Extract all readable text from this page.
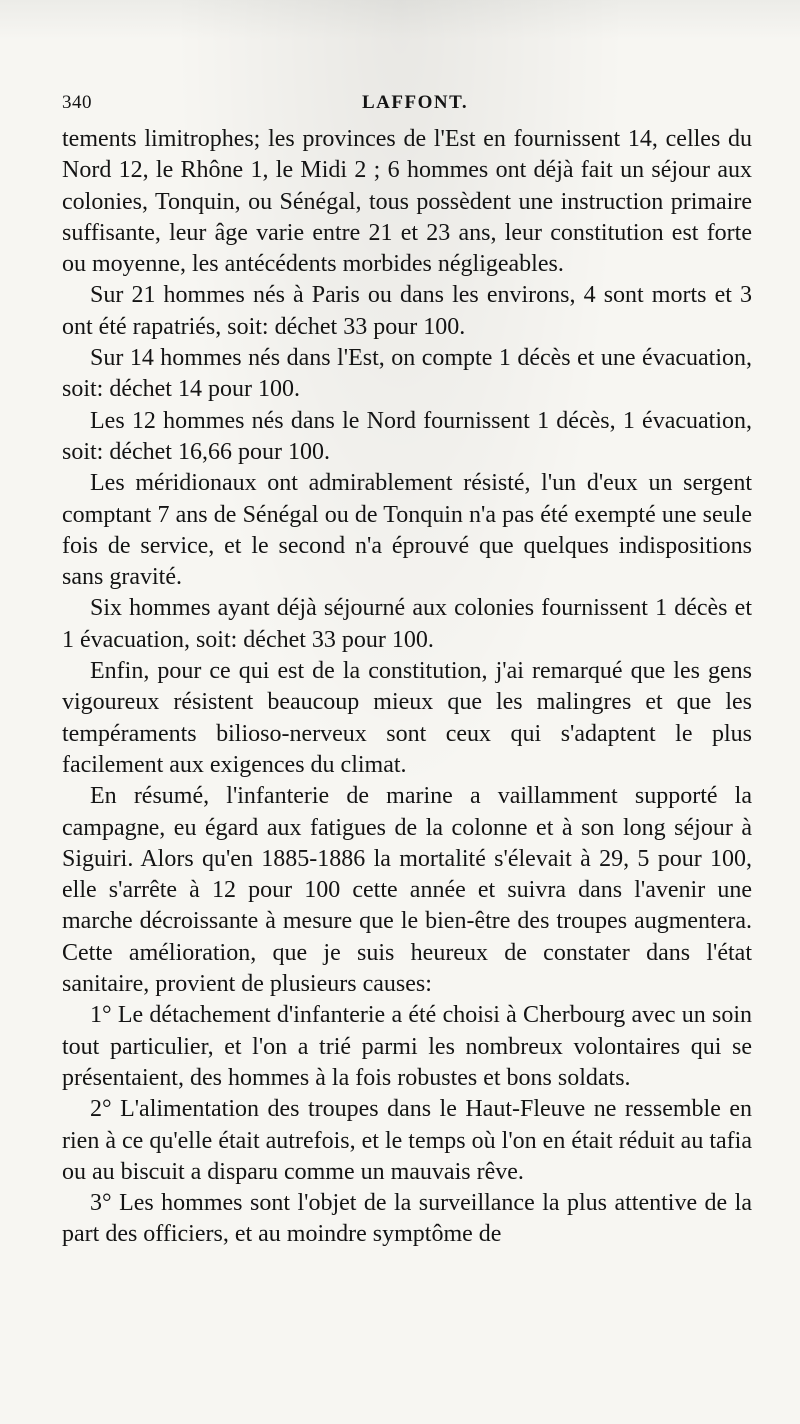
340	LAFFONT.

tements limitrophes; les provinces de l'Est en fournissent 14, celles du Nord 12, le Rhône 1, le Midi 2 ; 6 hommes ont déjà fait un séjour aux colonies, Tonquin, ou Sénégal, tous possèdent une instruction primaire suffisante, leur âge varie entre 21 et 23 ans, leur constitution est forte ou moyenne, les antécédents morbides négligeables.

Sur 21 hommes nés à Paris ou dans les environs, 4 sont morts et 3 ont été rapatriés, soit: déchet 33 pour 100.

Sur 14 hommes nés dans l'Est, on compte 1 décès et une évacuation, soit: déchet 14 pour 100.

Les 12 hommes nés dans le Nord fournissent 1 décès, 1 évacuation, soit: déchet 16,66 pour 100.

Les méridionaux ont admirablement résisté, l'un d'eux un sergent comptant 7 ans de Sénégal ou de Tonquin n'a pas été exempté une seule fois de service, et le second n'a éprouvé que quelques indispositions sans gravité.

Six hommes ayant déjà séjourné aux colonies fournissent 1 décès et 1 évacuation, soit: déchet 33 pour 100.

Enfin, pour ce qui est de la constitution, j'ai remarqué que les gens vigoureux résistent beaucoup mieux que les malingres et que les tempéraments bilioso-nerveux sont ceux qui s'adaptent le plus facilement aux exigences du climat.

En résumé, l'infanterie de marine a vaillamment supporté la campagne, eu égard aux fatigues de la colonne et à son long séjour à Siguiri. Alors qu'en 1885-1886 la mortalité s'élevait à 29, 5 pour 100, elle s'arrête à 12 pour 100 cette année et suivra dans l'avenir une marche décroissante à mesure que le bien-être des troupes augmentera. Cette amélioration, que je suis heureux de constater dans l'état sanitaire, provient de plusieurs causes:

1° Le détachement d'infanterie a été choisi à Cherbourg avec un soin tout particulier, et l'on a trié parmi les nombreux volontaires qui se présentaient, des hommes à la fois robustes et bons soldats.

2° L'alimentation des troupes dans le Haut-Fleuve ne ressemble en rien à ce qu'elle était autrefois, et le temps où l'on en était réduit au tafia ou au biscuit a disparu comme un mauvais rêve.

3° Les hommes sont l'objet de la surveillance la plus attentive de la part des officiers, et au moindre symptôme de
